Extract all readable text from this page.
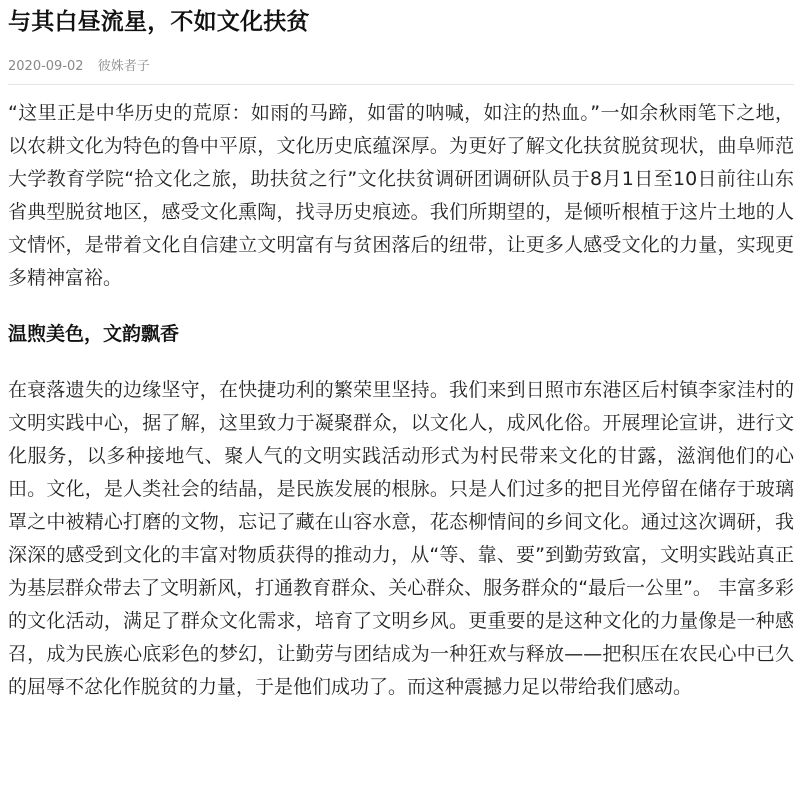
与其白昼流星，不如文化扶贫
2020-09-02 彼姝者子

“这里正是中华历史的荒原：如雨的马蹄，如雷的呐喊，如注的热血。”一如余秋雨笔下之地，以农耕文化为特色的鲁中平原，文化历史底蕴深厚。为更好了解文化扶贫脱贫现状，曲阜师范大学教育学院“拾文化之旅，助扶贫之行”文化扶贫调研团调研队员于8月1日至10日前往山东省典型脱贫地区，感受文化熏陶，找寻历史痕迹。我们所期望的，是倾听根植于这片土地的人文情怀，是带着文化自信建立文明富有与贫困落后的纽带，让更多人感受文化的力量，实现更多精神富裕。

温煦美色，文韵飘香

在衰落遗失的边缘坚守，在快捷功利的繁荣里坚持。我们来到日照市东港区后村镇李家洼村的文明实践中心，据了解，这里致力于凝聚群众，以文化人，成风化俗。开展理论宣讲，进行文化服务，以多种接地气、聚人气的文明实践活动形式为村民带来文化的甘露，滋润他们的心田。文化，是人类社会的结晶，是民族发展的根脉。只是人们过多的把目光停留在储存于玻璃罩之中被精心打磨的文物，忘记了藏在山容水意，花态柳情间的乡间文化。通过这次调研，我深深的感受到文化的丰富对物质获得的推动力，从“等、靠、要”到勤劳致富，文明实践站真正为基层群众带去了文明新风，打通教育群众、关心群众、服务群众的“最后一公里”。 丰富多彩的文化活动，满足了群众文化需求，培育了文明乡风。更重要的是这种文化的力量像是一种感召，成为民族心底彩色的梦幻，让勤劳与团结成为一种狂欢与释放——把积压在农民心中已久的屈辱不忿化作脱贫的力量，于是他们成功了。而这种震撼力足以带给我们感动。
